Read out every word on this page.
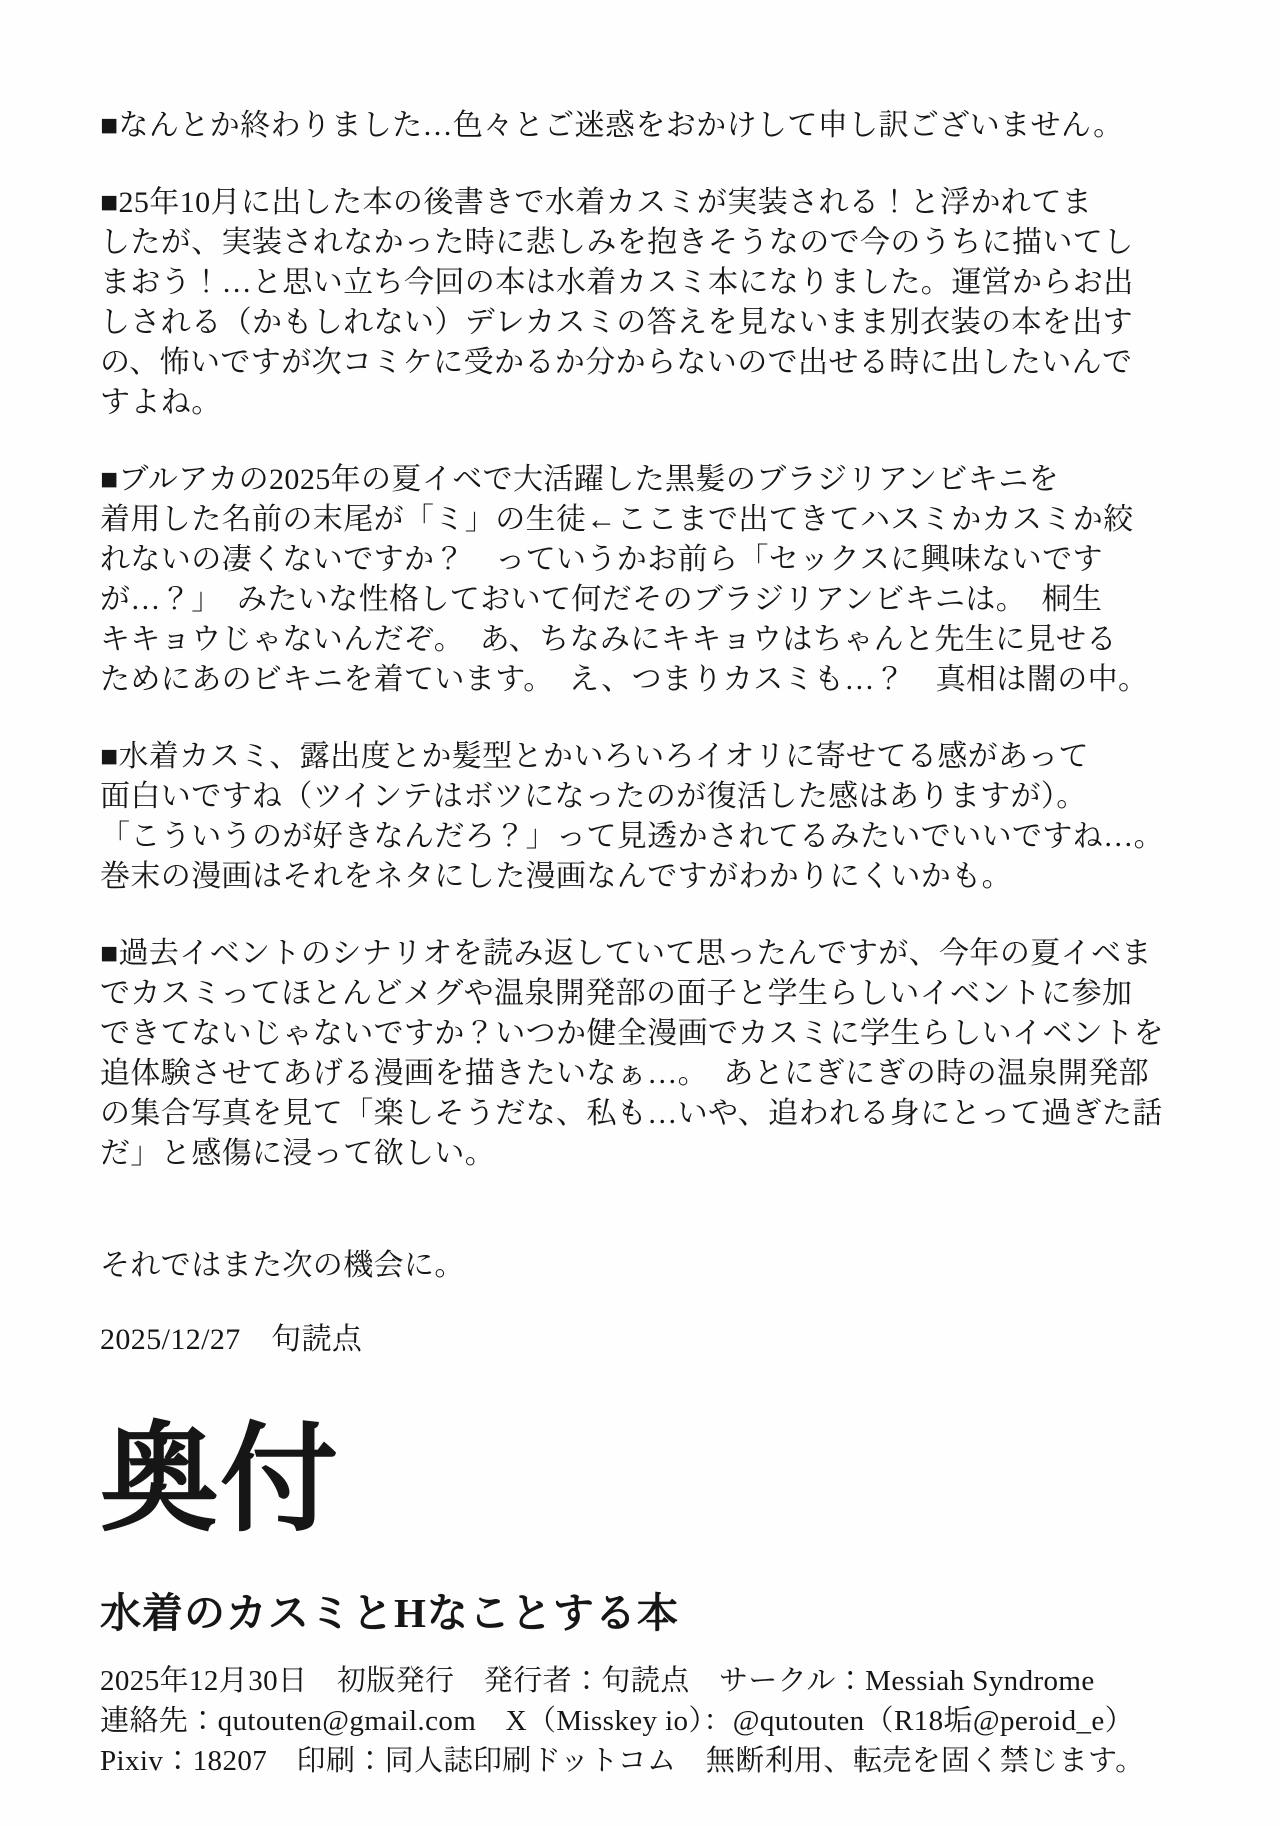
■なんとか終わりました…色々とご迷惑をおかけして申し訳ございません。
■25年10月に出した本の後書きで水着カスミが実装される！と浮かれてま
したが、実装されなかった時に悲しみを抱きそうなので今のうちに描いてし
まおう！…と思い立ち今回の本は水着カスミ本になりました。運営からお出
しされる（かもしれない）デレカスミの答えを見ないまま別衣装の本を出す
の、怖いですが次コミケに受かるか分からないので出せる時に出したいんで
すよね。
■ブルアカの2025年の夏イベで大活躍した黒髪のブラジリアンビキニを
着用した名前の末尾が「ミ」の生徒←ここまで出てきてハスミかカスミか絞
れないの凄くないですか？　っていうかお前ら「セックスに興味ないです
が…？」　みたいな性格しておいて何だそのブラジリアンビキニは。　桐生
キキョウじゃないんだぞ。　あ、ちなみにキキョウはちゃんと先生に見せる
ためにあのビキニを着ています。　え、つまりカスミも…？　真相は闇の中。
■水着カスミ、露出度とか髪型とかいろいろイオリに寄せてる感があって
面白いですね（ツインテはボツになったのが復活した感はありますが）。
「こういうのが好きなんだろ？」って見透かされてるみたいでいいですね…。
巻末の漫画はそれをネタにした漫画なんですがわかりにくいかも。
■過去イベントのシナリオを読み返していて思ったんですが、今年の夏イベま
でカスミってほとんどメグや温泉開発部の面子と学生らしいイベントに参加
できてないじゃないですか？いつか健全漫画でカスミに学生らしいイベントを
追体験させてあげる漫画を描きたいなぁ…。　あとにぎにぎの時の温泉開発部
の集合写真を見て「楽しそうだな、私も…いや、追われる身にとって過ぎた話
だ」と感傷に浸って欲しい。
それではまた次の機会に。
2025/12/27　句読点
奥付
水着のカスミとHなことする本
2025年12月30日　初版発行　発行者：句読点　サークル：Messiah Syndrome
連絡先：qutouten@gmail.com　X（Misskey io）：@qutouten（R18垢@peroid_e）
Pixiv：18207　印刷：同人誌印刷ドットコム　無断利用、転売を固く禁じます。
